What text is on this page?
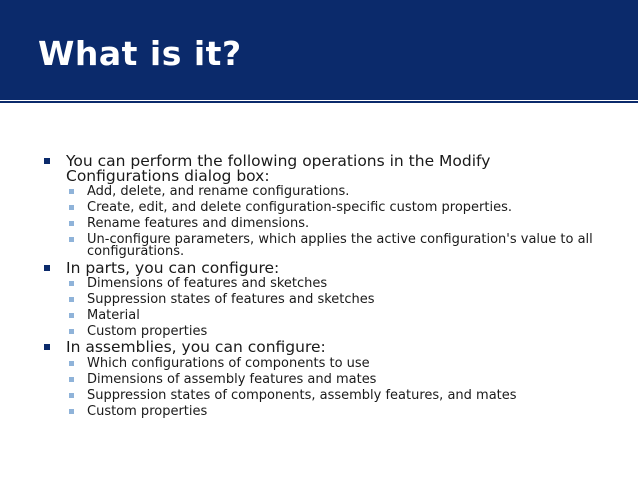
What is it?
You can perform the following operations in the Modify Configurations dialog box:
Add, delete, and rename configurations.
Create, edit, and delete configuration-specific custom properties.
Rename features and dimensions.
Un-configure parameters, which applies the active configuration's value to all configurations.
In parts, you can configure:
Dimensions of features and sketches
Suppression states of features and sketches
Material
Custom properties
In assemblies, you can configure:
Which configurations of components to use
Dimensions of assembly features and mates
Suppression states of components, assembly features, and mates
Custom properties
